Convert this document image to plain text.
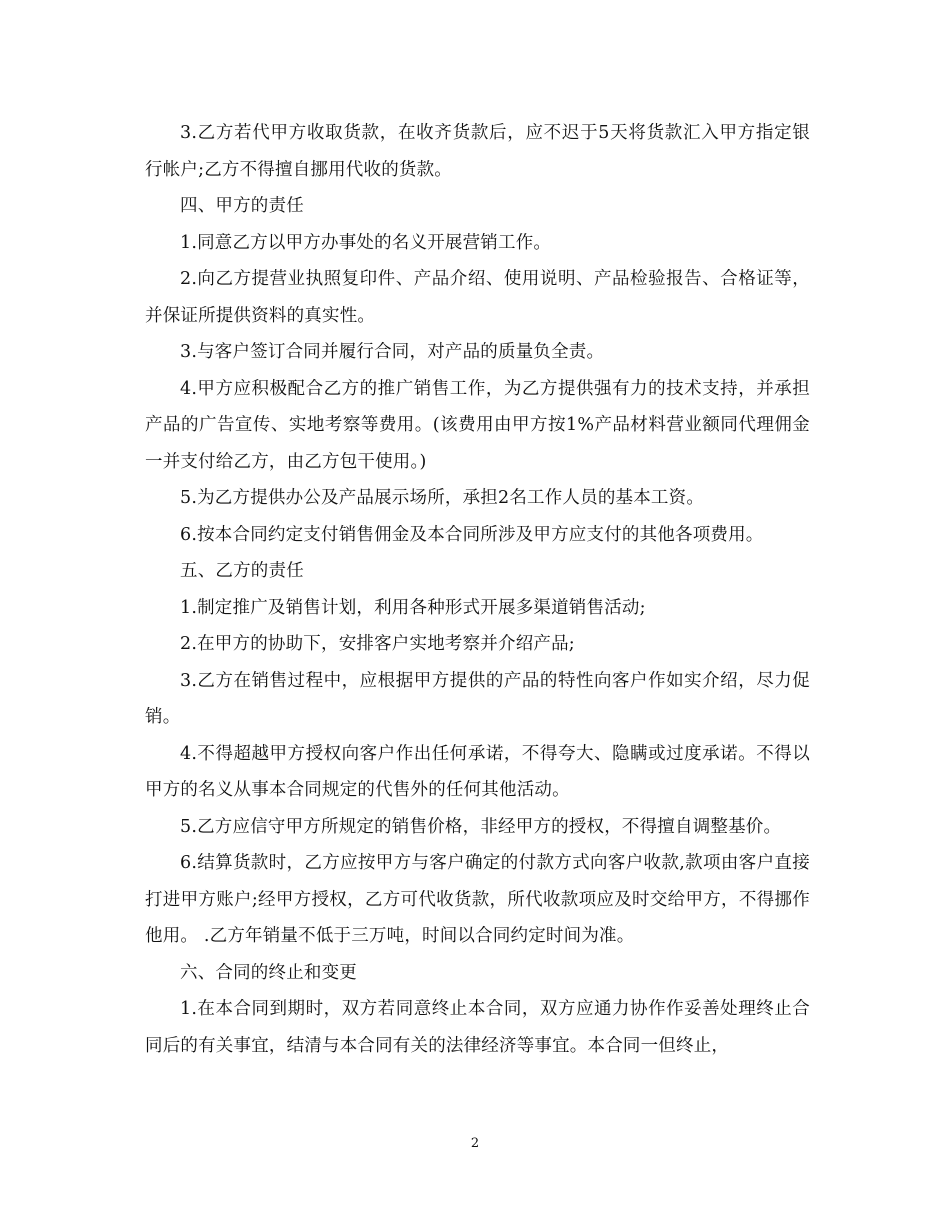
3.乙方若代甲方收取货款，在收齐货款后，应不迟于5天将货款汇入甲方指定银行帐户;乙方不得擅自挪用代收的货款。

四、甲方的责任

1.同意乙方以甲方办事处的名义开展营销工作。

2.向乙方提营业执照复印件、产品介绍、使用说明、产品检验报告、合格证等，并保证所提供资料的真实性。

3.与客户签订合同并履行合同，对产品的质量负全责。

4.甲方应积极配合乙方的推广销售工作，为乙方提供强有力的技术支持，并承担产品的广告宣传、实地考察等费用。(该费用由甲方按1%产品材料营业额同代理佣金一并支付给乙方，由乙方包干使用。)

5.为乙方提供办公及产品展示场所，承担2名工作人员的基本工资。

6.按本合同约定支付销售佣金及本合同所涉及甲方应支付的其他各项费用。

五、乙方的责任

1.制定推广及销售计划，利用各种形式开展多渠道销售活动;

2.在甲方的协助下，安排客户实地考察并介绍产品;

3.乙方在销售过程中，应根据甲方提供的产品的特性向客户作如实介绍，尽力促销。

4.不得超越甲方授权向客户作出任何承诺，不得夸大、隐瞒或过度承诺。不得以甲方的名义从事本合同规定的代售外的任何其他活动。

5.乙方应信守甲方所规定的销售价格，非经甲方的授权，不得擅自调整基价。

6.结算货款时，乙方应按甲方与客户确定的付款方式向客户收款,款项由客户直接打进甲方账户;经甲方授权，乙方可代收货款，所代收款项应及时交给甲方，不得挪作他用。 .乙方年销量不低于三万吨，时间以合同约定时间为准。

六、合同的终止和变更

1.在本合同到期时，双方若同意终止本合同，双方应通力协作作妥善处理终止合同后的有关事宜，结清与本合同有关的法律经济等事宜。本合同一但终止，

2
